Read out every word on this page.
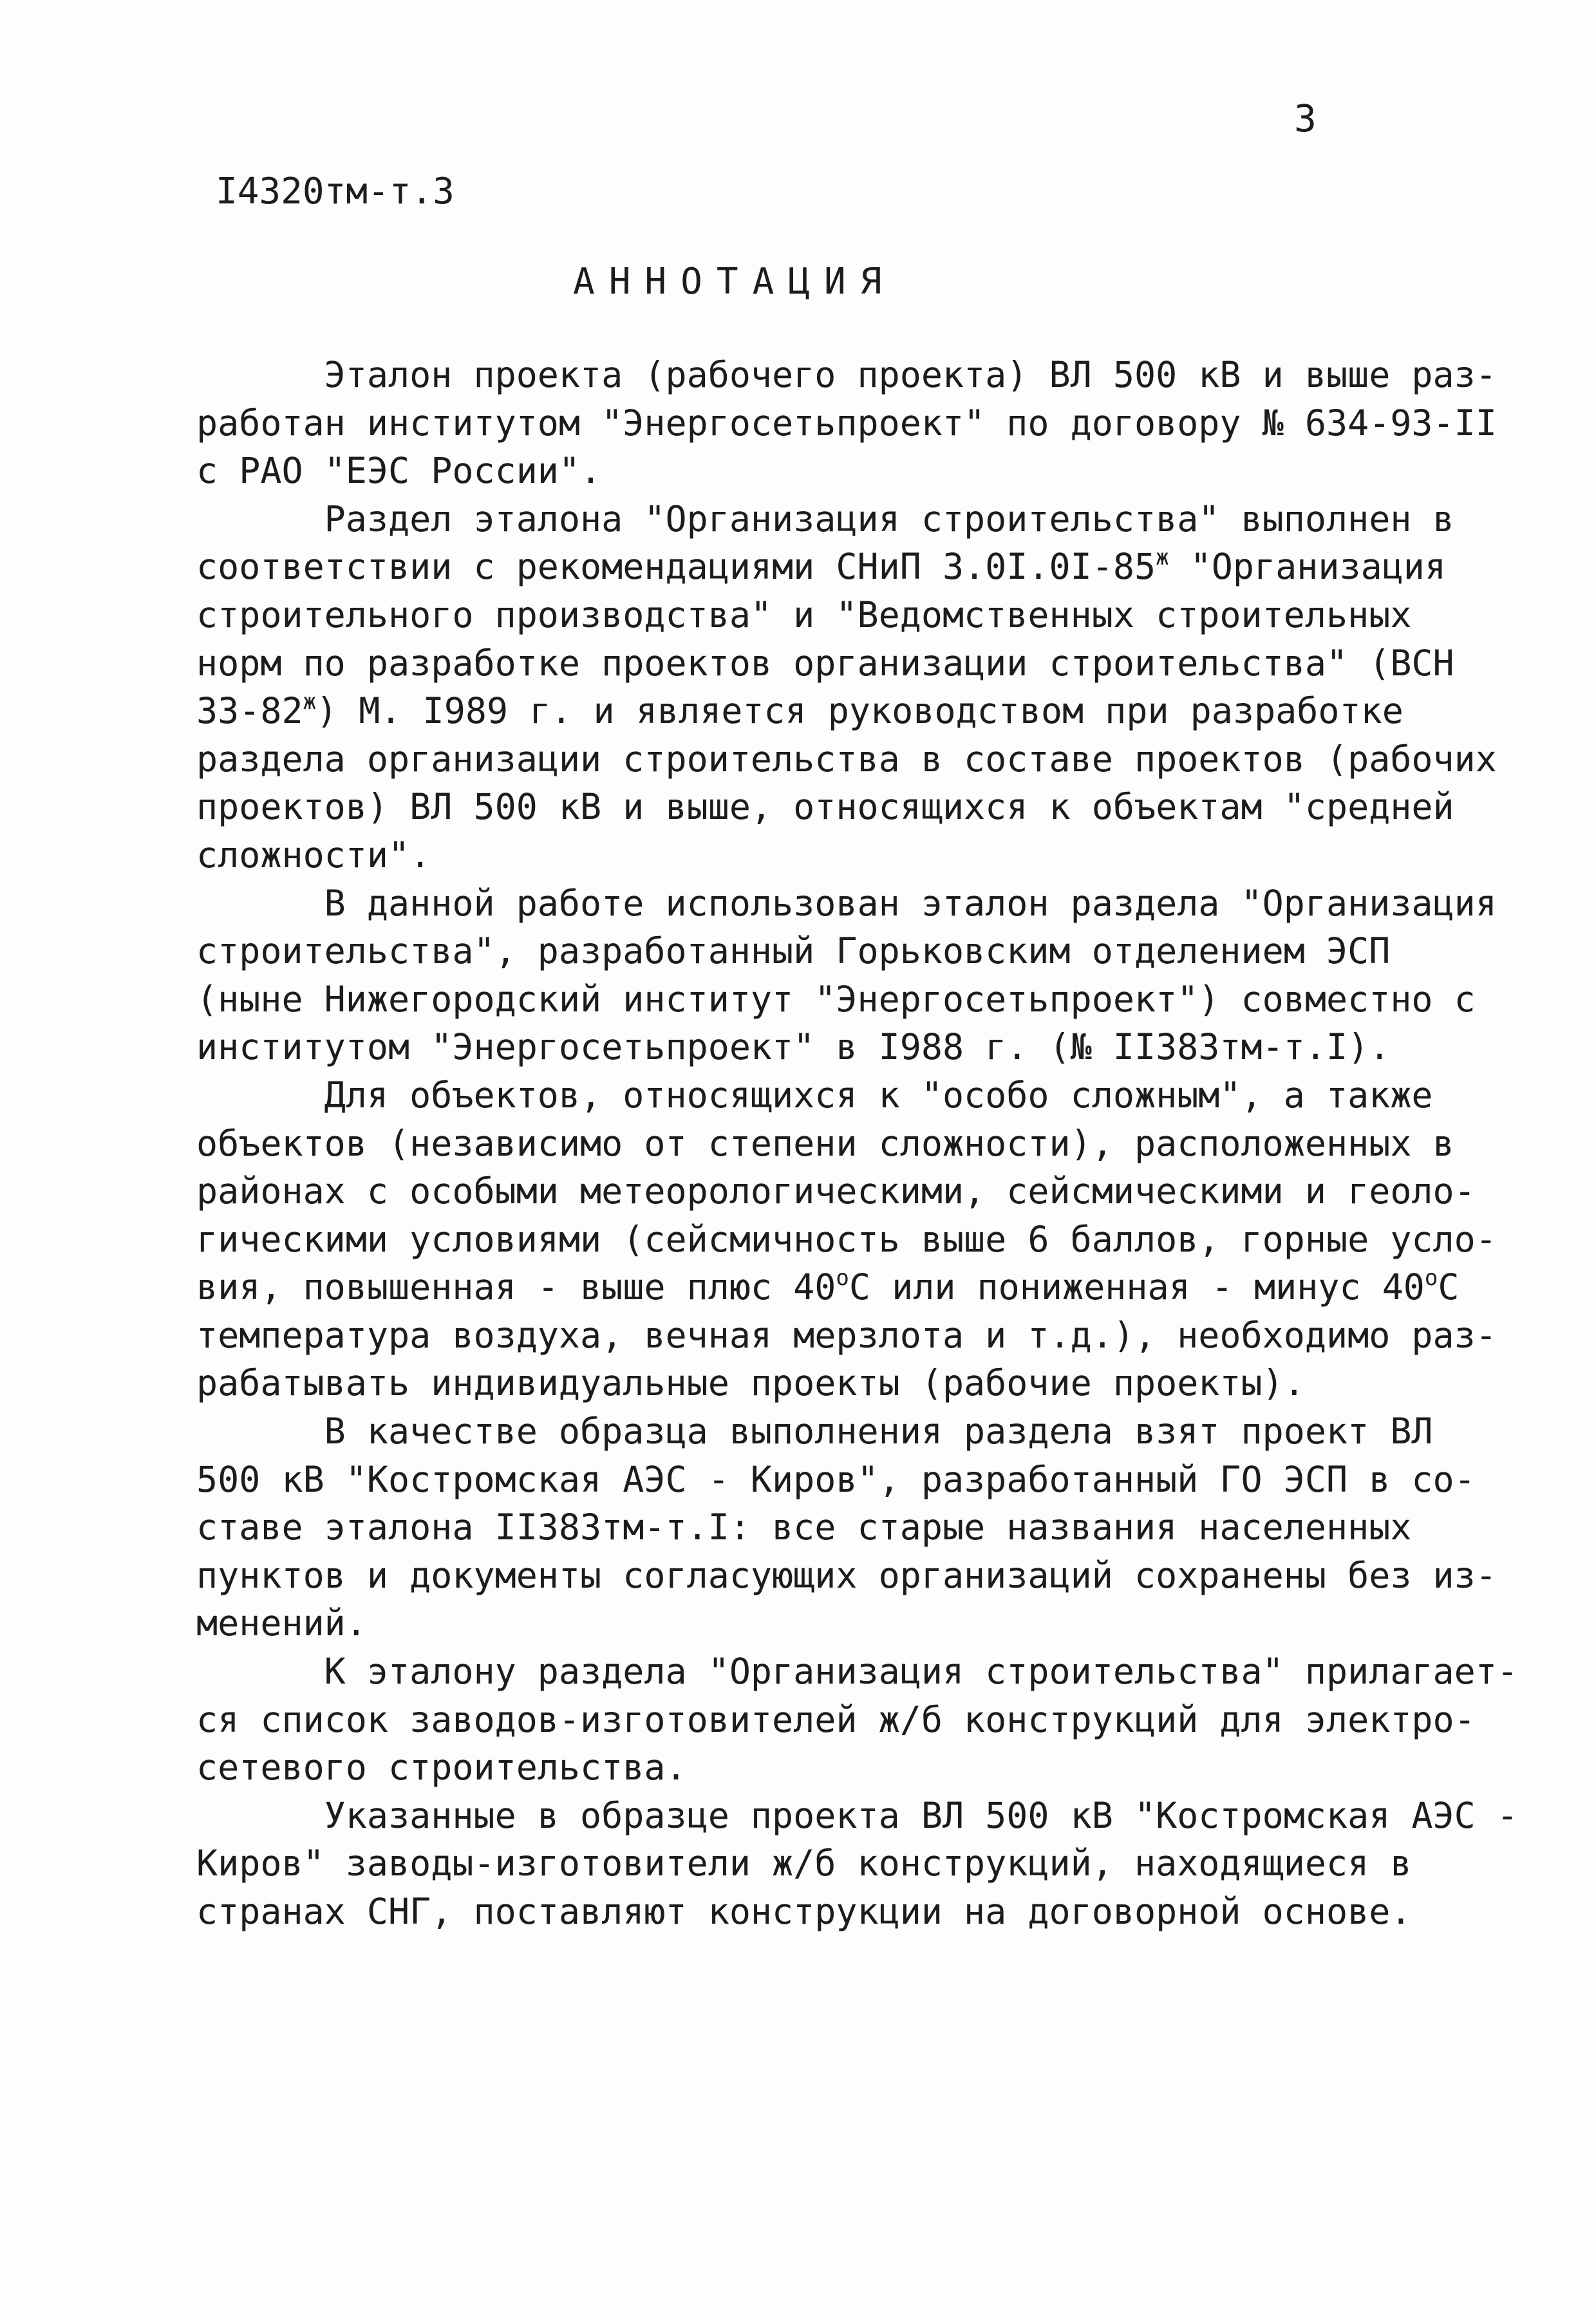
3
I4320тм-т.3
АННОТАЦИЯ
Эталон проекта (рабочего проекта) ВЛ 500 кВ и выше раз-
работан институтом "Энергосетьпроект" по договору № 634-93-II
с РАО "ЕЭС России".
Раздел эталона "Организация строительства" выполнен в
соответствии с рекомендациями СНиП $3.0I.0I-85^ж$ "Организация
строительного производства" и "Ведомственных строительных
норм по разработке проектов организации строительства" (ВСН
$33-82^ж$) М. I989 г. и является руководством при разработке
раздела организации строительства в составе проектов (рабочих
проектов) ВЛ 500 кВ и выше, относящихся к объектам "средней
сложности".
В данной работе использован эталон раздела "Организация
строительства", разработанный Горьковским отделением ЭСП
(ныне Нижегородский институт "Энергосетьпроект") совместно с
институтом "Энергосетьпроект" в I988 г. (№ II383тм-т.I).
Для объектов, относящихся к "особо сложным", а также
объектов (независимо от степени сложности), расположенных в
районах с особыми метеорологическими, сейсмическими и геоло-
гическими условиями (сейсмичность выше 6 баллов, горные усло-
вия, повышенная - выше плюс $40^оС$ или пониженная - минус $40^оС$
температура воздуха, вечная мерзлота и т.д.), необходимо раз-
рабатывать индивидуальные проекты (рабочие проекты).
В качестве образца выполнения раздела взят проект ВЛ
500 кВ "Костромская АЭС - Киров", разработанный ГО ЭСП в со-
ставе эталона II383тм-т.I: все старые названия населенных
пунктов и документы согласующих организаций сохранены без из-
менений.
К эталону раздела "Организация строительства" прилагает-
ся список заводов-изготовителей ж/б конструкций для электро-
сетевого строительства.
Указанные в образце проекта ВЛ 500 кВ "Костромская АЭС -
Киров" заводы-изготовители ж/б конструкций, находящиеся в
странах СНГ, поставляют конструкции на договорной основе.
